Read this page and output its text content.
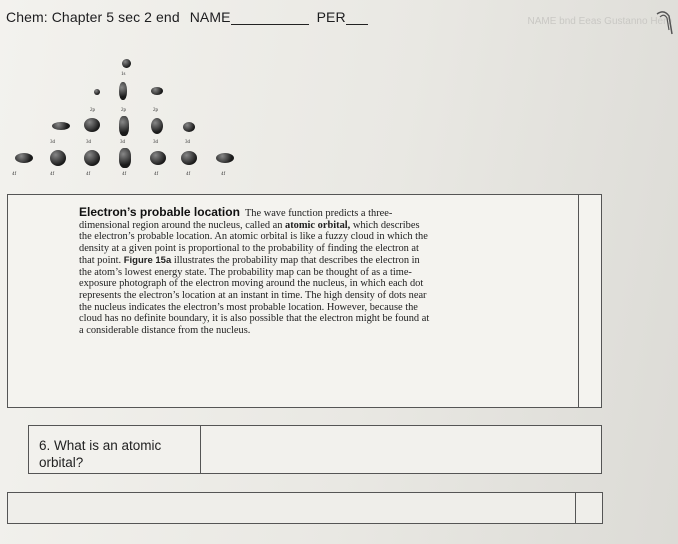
Chem: Chapter 5 sec 2 end NAME	PER	NAME bnd Eeas Gustanno Hero
1s
2p	2p	2p
3d	3d	3d	3d	3d
4f	4f	4f	4f	4f	4f	4f
Electron’s probable location The wave function predicts a three-dimensional region around the nucleus, called an atomic orbital, which describes the electron’s probable location. An atomic orbital is like a fuzzy cloud in which the density at a given point is proportional to the probability of finding the electron at that point. Figure 15a illustrates the probability map that describes the electron in the atom’s lowest energy state. The probability map can be thought of as a time-exposure photograph of the electron moving around the nucleus, in which each dot represents the electron’s location at an instant in time. The high density of dots near the nucleus indicates the electron’s most probable location. However, because the cloud has no definite boundary, it is also possible that the electron might be found at a considerable distance from the nucleus.
6. What is an atomic orbital?
